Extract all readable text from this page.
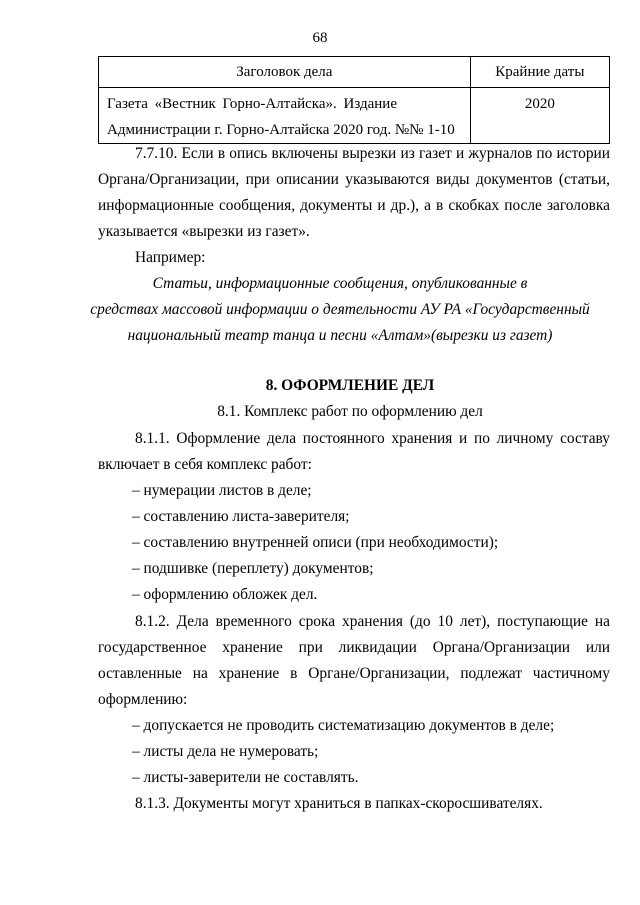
68
Заголовок дела	Крайние даты

Газета «Вестник Горно-Алтайска». Издание
Администрации г. Горно-Алтайска 2020 год. №№ 1-10	2020
7.7.10. Если в опись включены вырезки из газет и журналов по истории
Органа/Организации, при описании указываются виды документов (статьи,
информационные сообщения, документы и др.), а в скобках после заголовка
указывается «вырезки из газет».
Например:
Статьи, информационные сообщения, опубликованные в
средствах массовой информации о деятельности АУ РА «Государственный
национальный театр танца и песни «Алтам»(вырезки из газет)
8. ОФОРМЛЕНИЕ ДЕЛ
8.1. Комплекс работ по оформлению дел
8.1.1. Оформление дела постоянного хранения и по личному составу
включает в себя комплекс работ:
– нумерации листов в деле;
– составлению листа-заверителя;
– составлению внутренней описи (при необходимости);
– подшивке (переплету) документов;
– оформлению обложек дел.
8.1.2. Дела временного срока хранения (до 10 лет), поступающие на
государственное хранение при ликвидации Органа/Организации или
оставленные на хранение в Органе/Организации, подлежат частичному
оформлению:
– допускается не проводить систематизацию документов в деле;
– листы дела не нумеровать;
– листы-заверители не составлять.
8.1.3. Документы могут храниться в папках-скоросшивателях.
